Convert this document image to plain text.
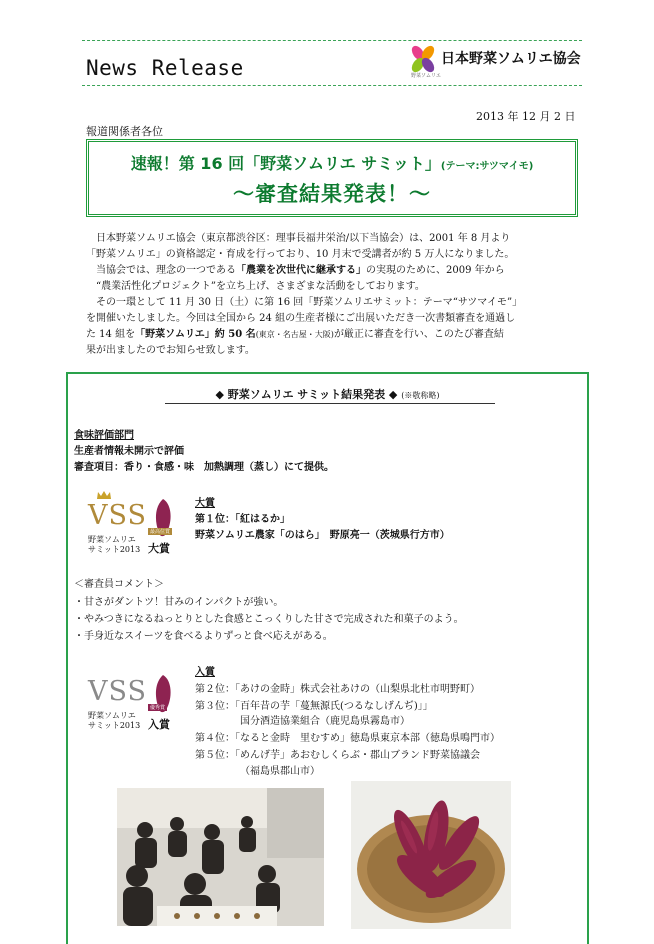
News Release	野菜ソムリエ
日本野菜ソムリエ協会
2013 年 12 月 2 日
報道関係者各位
速報！第 16 回「野菜ソムリエ サミット」(テーマ:サツマイモ)
～審査結果発表！～

日本野菜ソムリエ協会（東京都渋谷区：理事長福井栄治/以下当協会）は、2001 年 8 月より

「野菜ソムリエ」の資格認定・育成を行っており、10 月末で受講者が約 5 万人になりました。

当協会では、理念の一つである「農業を次世代に継承する」の実現のために、2009 年から

“農業活性化プロジェクト”を立ち上げ、さまざまな活動をしております。

その一環として 11 月 30 日（土）に第 16 回「野菜ソムリエサミット：テーマ“サツマイモ”」

を開催いたしました。今回は全国から 24 組の生産者様にご出展いただき一次書類審査を通過し

た 14 組を「野菜ソムリエ」約 50 名(東京・名古屋・大阪)が厳正に審査を行い、このたび審査結

果が出ましたのでお知らせ致します。

◆ 野菜ソムリエ サミット結果発表 ◆ (※敬称略)
食味評価部門
生産者情報未開示で評価
審査項目：香り・食感・味　加熱調理（蒸し）にて提供。
VSS
最高位賞
野菜ソムリエ
サミット2013 大賞
大賞
第１位：「紅はるか」
野菜ソムリエ農家「のはら」　野原亮一（茨城県行方市）
＜審査員コメント＞
・甘さがダントツ！甘みのインパクトが強い。
・やみつきになるねっとりとした食感とこっくりした甘さで完成された和菓子のよう。
・手身近なスイーツを食べるよりずっと食べ応えがある。
VSS
優秀賞
野菜ソムリエ
サミット2013 入賞
入賞
第２位：「あけの金時」株式会社あけの（山梨県北杜市明野町）
第３位：「百年昔の芋「蔓無源氏(つるなしげんぢ)」」
国分酒造協業組合（鹿児島県霧島市）
第４位：「なると金時　里むすめ」徳島県東京本部（徳島県鳴門市）
第５位：「めんげ芋」あおむしくらぶ・郡山ブランド野菜協議会
（福島県郡山市）
